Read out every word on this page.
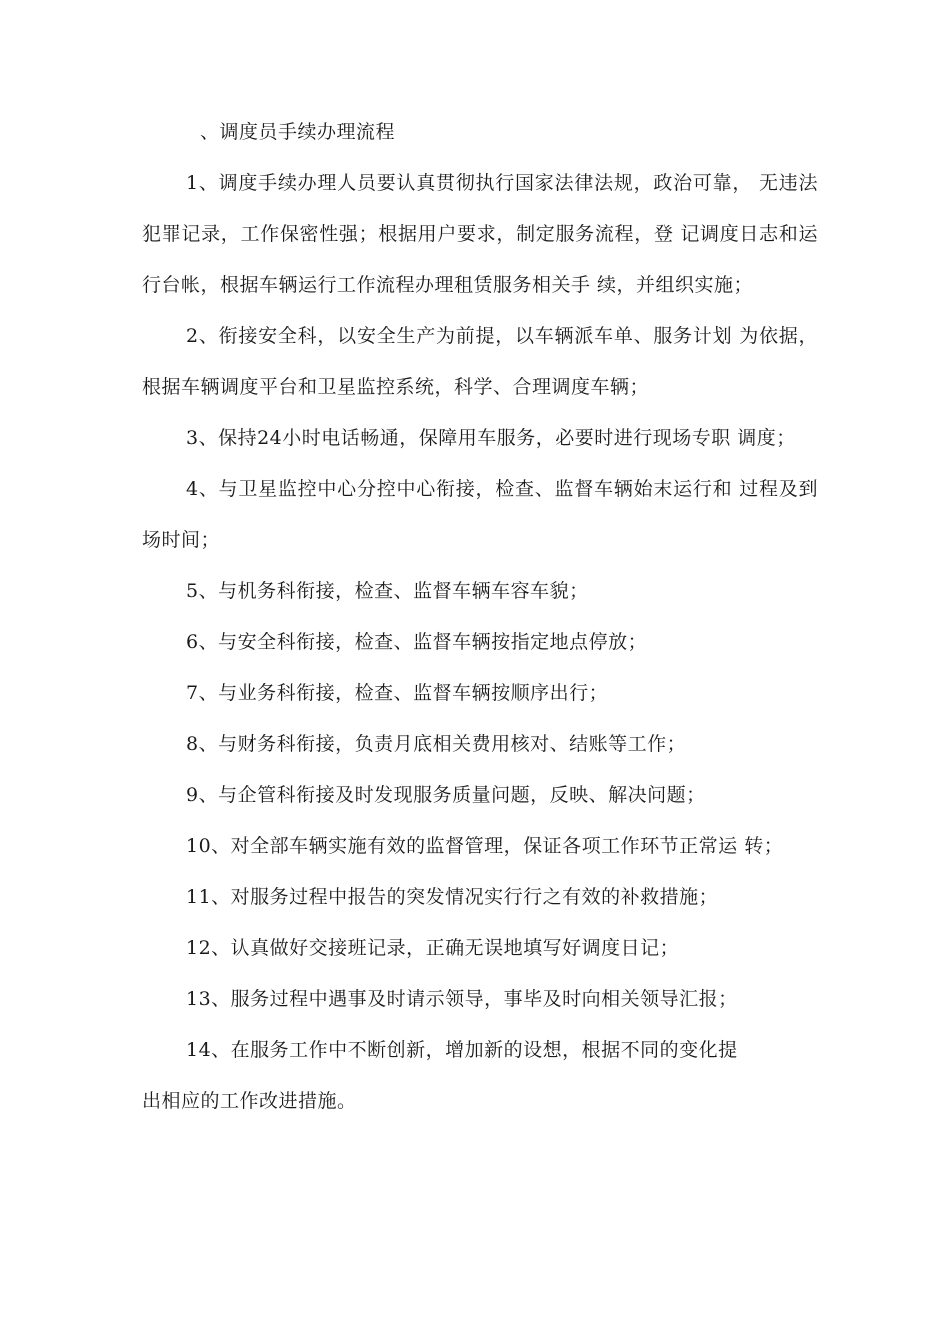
、调度员手续办理流程

1、调度手续办理人员要认真贯彻执行国家法律法规，政治可靠， 无违法犯罪记录，工作保密性强；根据用户要求，制定服务流程，登 记调度日志和运行台帐，根据车辆运行工作流程办理租赁服务相关手 续，并组织实施；

2、衔接安全科，以安全生产为前提，以车辆派车单、服务计划 为依据，根据车辆调度平台和卫星监控系统，科学、合理调度车辆；

3、保持24小时电话畅通，保障用车服务，必要时进行现场专职 调度；

4、与卫星监控中心分控中心衔接，检查、监督车辆始末运行和 过程及到场时间；

5、与机务科衔接，检查、监督车辆车容车貌；

6、与安全科衔接，检查、监督车辆按指定地点停放；

7、与业务科衔接，检查、监督车辆按顺序出行；

8、与财务科衔接，负责月底相关费用核对、结账等工作；

9、与企管科衔接及时发现服务质量问题，反映、解决问题；

10、对全部车辆实施有效的监督管理，保证各项工作环节正常运 转；

11、对服务过程中报告的突发情况实行行之有效的补救措施；

12、认真做好交接班记录，正确无误地填写好调度日记；

13、服务过程中遇事及时请示领导，事毕及时向相关领导汇报；

14、在服务工作中不断创新，增加新的设想，根据不同的变化提

出相应的工作改进措施。
